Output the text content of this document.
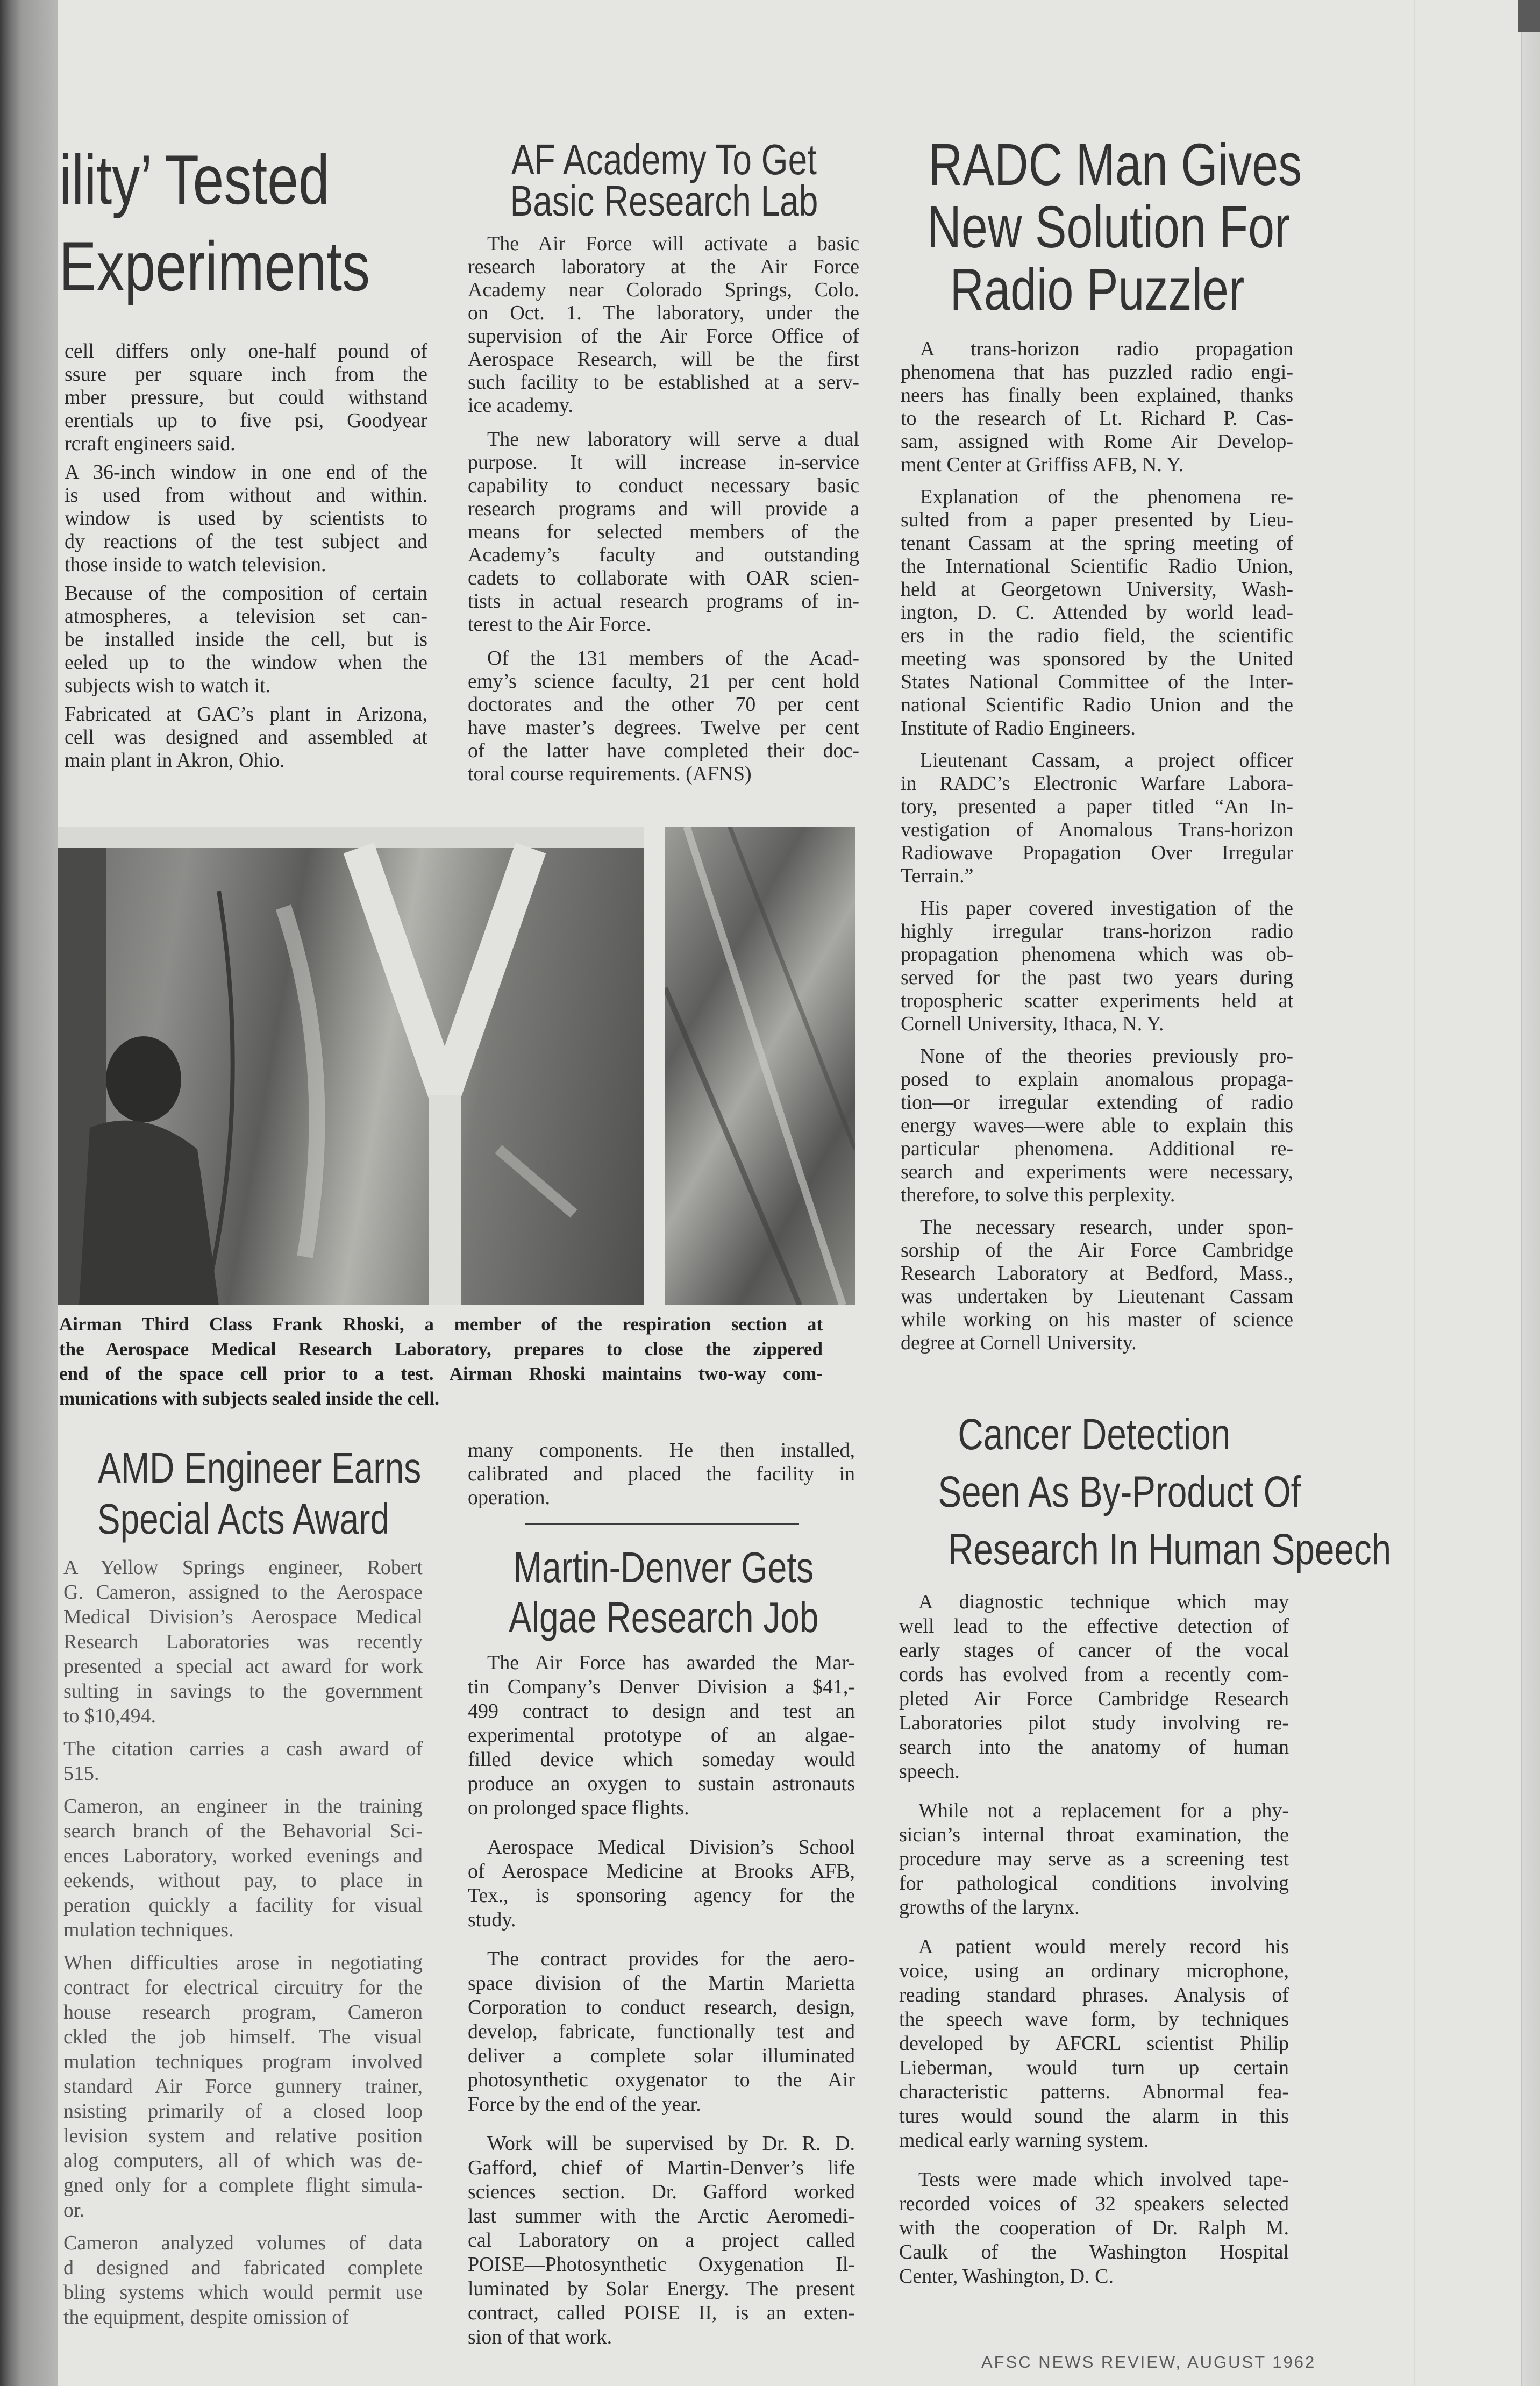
ility’ Tested
Experiments
cell differs only one-half pound of
ssure per square inch from the
mber pressure, but could withstand
erentials up to five psi, Goodyear
rcraft engineers said.
A 36-inch window in one end of the
is used from without and within.
window is used by scientists to
dy reactions of the test subject and
those inside to watch television.
Because of the composition of certain
atmospheres, a television set can-
be installed inside the cell, but is
eeled up to the window when the
subjects wish to watch it.
Fabricated at GAC’s plant in Arizona,
cell was designed and assembled at
main plant in Akron, Ohio.
AF Academy To Get
Basic Research Lab
The Air Force will activate a basic
research laboratory at the Air Force
Academy near Colorado Springs, Colo.
on Oct. 1. The laboratory, under the
supervision of the Air Force Office of
Aerospace Research, will be the first
such facility to be established at a serv-
ice academy.
The new laboratory will serve a dual
purpose. It will increase in-service
capability to conduct necessary basic
research programs and will provide a
means for selected members of the
Academy’s faculty and outstanding
cadets to collaborate with OAR scien-
tists in actual research programs of in-
terest to the Air Force.
Of the 131 members of the Acad-
emy’s science faculty, 21 per cent hold
doctorates and the other 70 per cent
have master’s degrees. Twelve per cent
of the latter have completed their doc-
toral course requirements. (AFNS)
RADC Man Gives
New Solution For
Radio Puzzler
A trans-horizon radio propagation
phenomena that has puzzled radio engi-
neers has finally been explained, thanks
to the research of Lt. Richard P. Cas-
sam, assigned with Rome Air Develop-
ment Center at Griffiss AFB, N. Y.
Explanation of the phenomena re-
sulted from a paper presented by Lieu-
tenant Cassam at the spring meeting of
the International Scientific Radio Union,
held at Georgetown University, Wash-
ington, D. C. Attended by world lead-
ers in the radio field, the scientific
meeting was sponsored by the United
States National Committee of the Inter-
national Scientific Radio Union and the
Institute of Radio Engineers.
Lieutenant Cassam, a project officer
in RADC’s Electronic Warfare Labora-
tory, presented a paper titled “An In-
vestigation of Anomalous Trans-horizon
Radiowave Propagation Over Irregular
Terrain.”
His paper covered investigation of the
highly irregular trans-horizon radio
propagation phenomena which was ob-
served for the past two years during
tropospheric scatter experiments held at
Cornell University, Ithaca, N. Y.
None of the theories previously pro-
posed to explain anomalous propaga-
tion—or irregular extending of radio
energy waves—were able to explain this
particular phenomena. Additional re-
search and experiments were necessary,
therefore, to solve this perplexity.
The necessary research, under spon-
sorship of the Air Force Cambridge
Research Laboratory at Bedford, Mass.,
was undertaken by Lieutenant Cassam
while working on his master of science
degree at Cornell University.
Airman Third Class Frank Rhoski, a member of the respiration section at
the Aerospace Medical Research Laboratory, prepares to close the zippered
end of the space cell prior to a test. Airman Rhoski maintains two-way com-
munications with subjects sealed inside the cell.
AMD Engineer Earns
Special Acts Award
A Yellow Springs engineer, Robert
G. Cameron, assigned to the Aerospace
Medical Division’s Aerospace Medical
Research Laboratories was recently
presented a special act award for work
sulting in savings to the government
to $10,494.
The citation carries a cash award of
515.
Cameron, an engineer in the training
search branch of the Behavorial Sci-
ences Laboratory, worked evenings and
eekends, without pay, to place in
peration quickly a facility for visual
mulation techniques.
When difficulties arose in negotiating
contract for electrical circuitry for the
house research program, Cameron
ckled the job himself. The visual
mulation techniques program involved
standard Air Force gunnery trainer,
nsisting primarily of a closed loop
levision system and relative position
alog computers, all of which was de-
gned only for a complete flight simula-
or.
Cameron analyzed volumes of data
d designed and fabricated complete
bling systems which would permit use
the equipment, despite omission of
many components. He then installed,
calibrated and placed the facility in
operation.
Martin-Denver Gets
Algae Research Job
The Air Force has awarded the Mar-
tin Company’s Denver Division a $41,-
499 contract to design and test an
experimental prototype of an algae-
filled device which someday would
produce an oxygen to sustain astronauts
on prolonged space flights.
Aerospace Medical Division’s School
of Aerospace Medicine at Brooks AFB,
Tex., is sponsoring agency for the
study.
The contract provides for the aero-
space division of the Martin Marietta
Corporation to conduct research, design,
develop, fabricate, functionally test and
deliver a complete solar illuminated
photosynthetic oxygenator to the Air
Force by the end of the year.
Work will be supervised by Dr. R. D.
Gafford, chief of Martin-Denver’s life
sciences section. Dr. Gafford worked
last summer with the Arctic Aeromedi-
cal Laboratory on a project called
POISE—Photosynthetic Oxygenation Il-
luminated by Solar Energy. The present
contract, called POISE II, is an exten-
sion of that work.
Cancer Detection
Seen As By-Product Of
Research In Human Speech
A diagnostic technique which may
well lead to the effective detection of
early stages of cancer of the vocal
cords has evolved from a recently com-
pleted Air Force Cambridge Research
Laboratories pilot study involving re-
search into the anatomy of human
speech.
While not a replacement for a phy-
sician’s internal throat examination, the
procedure may serve as a screening test
for pathological conditions involving
growths of the larynx.
A patient would merely record his
voice, using an ordinary microphone,
reading standard phrases. Analysis of
the speech wave form, by techniques
developed by AFCRL scientist Philip
Lieberman, would turn up certain
characteristic patterns. Abnormal fea-
tures would sound the alarm in this
medical early warning system.
Tests were made which involved tape-
recorded voices of 32 speakers selected
with the cooperation of Dr. Ralph M.
Caulk of the Washington Hospital
Center, Washington, D. C.
AFSC NEWS REVIEW, AUGUST 1962
